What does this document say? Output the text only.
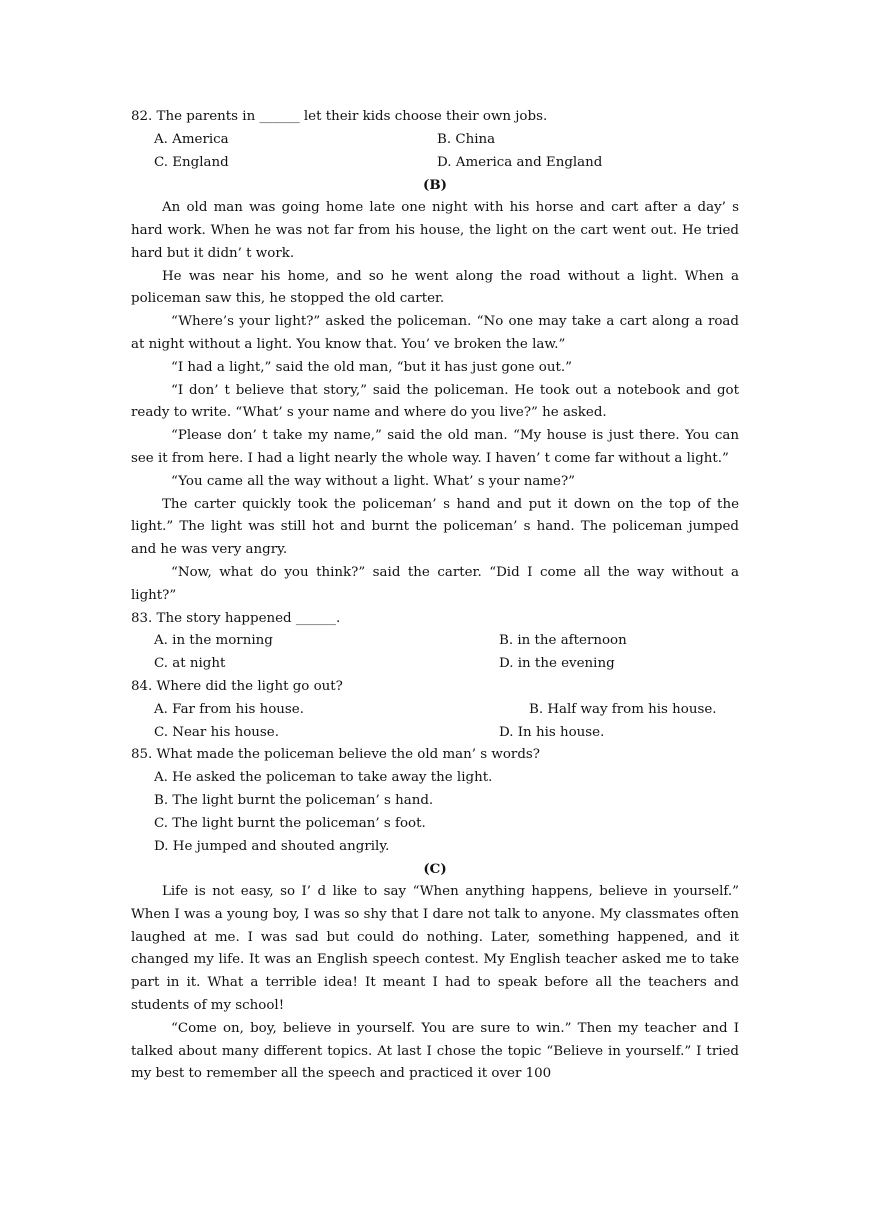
82. The parents in ______ let their kids choose their own jobs.
A. America	B. China
C. England	D. America and England
(B)

An old man was going home late one night with his horse and cart after a day’ s hard work. When he was not far from his house, the light on the cart went out. He tried hard but it didn’ t work.

He was near his home, and so he went along the road without a light. When a policeman saw this, he stopped the old carter.

“Where’s your light?” asked the policeman. “No one may take a cart along a road at night without a light. You know that. You’ ve broken the law.”

“I had a light,” said the old man, “but it has just gone out.”

“I don’ t believe that story,” said the policeman. He took out a notebook and got ready to write. “What’ s your name and where do you live?” he asked.

“Please don’ t take my name,” said the old man. “My house is just there. You can see it from here. I had a light nearly the whole way. I haven’ t come far without a light.”

“You came all the way without a light. What’ s your name?”

The carter quickly took the policeman’ s hand and put it down on the top of the light.” The light was still hot and burnt the policeman’ s hand. The policeman jumped and he was very angry.

“Now, what do you think?” said the carter. “Did I come all the way without a light?”

83. The story happened ______.
A. in the morning	B. in the afternoon
C. at night	D. in the evening
84. Where did the light go out?
A. Far from his house.	B. Half way from his house.
C. Near his house.	D. In his house.
85. What made the policeman believe the old man’ s words?
A. He asked the policeman to take away the light.
B. The light burnt the policeman’ s hand.
C. The light burnt the policeman’ s foot.
D. He jumped and shouted angrily.
(C)

Life is not easy, so I’ d like to say “When anything happens, believe in yourself.” When I was a young boy, I was so shy that I dare not talk to anyone. My classmates often laughed at me. I was sad but could do nothing. Later, something happened, and it changed my life. It was an English speech contest. My English teacher asked me to take part in it. What a terrible idea! It meant I had to speak before all the teachers and students of my school!

“Come on, boy, believe in yourself. You are sure to win.” Then my teacher and I talked about many different topics. At last I chose the topic “Believe in yourself.” I tried my best to remember all the speech and practiced it over 100
